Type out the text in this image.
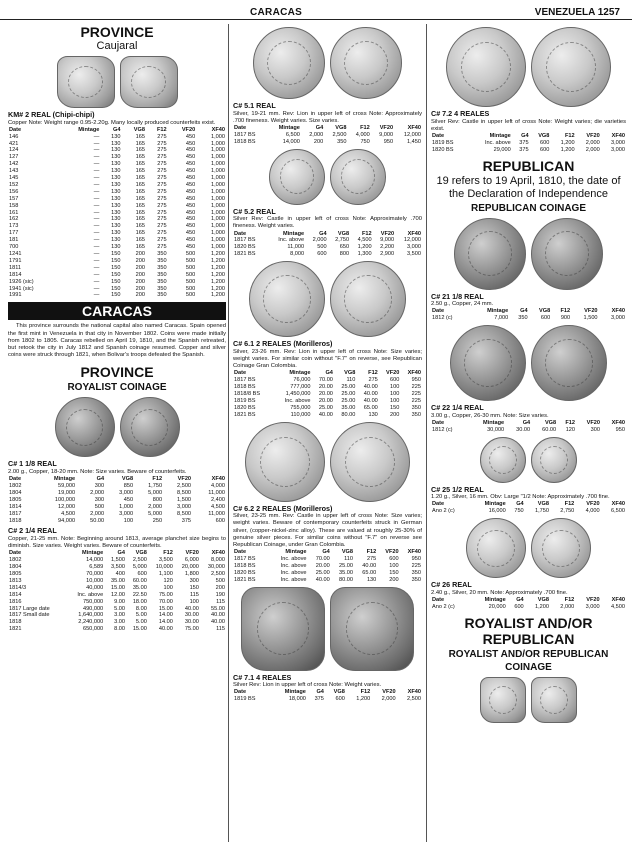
CARACAS	VENEZUELA 1257
PROVINCE
Caujaral
KM# 2 REAL (Chipi-chipi)
Copper Note: Weight range 0.95-2.20g. Many locally produced counterfeits exist.
Date	Mintage	G4	VG8	F12	VF20	XF40
146	—	130	165	275	450	1,000
421	—	130	165	275	450	1,000
124	—	130	165	275	450	1,000
127	—	130	165	275	450	1,000
142	—	130	165	275	450	1,000
143	—	130	165	275	450	1,000
145	—	130	165	275	450	1,000
152	—	130	165	275	450	1,000
156	—	130	165	275	450	1,000
157	—	130	165	275	450	1,000
158	—	130	165	275	450	1,000
161	—	130	165	275	450	1,000
162	—	130	165	275	450	1,000
173	—	130	165	275	450	1,000
177	—	130	165	275	450	1,000
181	—	130	165	275	450	1,000
700	—	130	165	275	450	1,000
1241	—	150	200	350	500	1,200
1791	—	150	200	350	500	1,200
1811	—	150	200	350	500	1,200
1814	—	150	200	350	500	1,200
1926 (sic)	—	150	200	350	500	1,200
1941 (sic)	—	150	200	350	500	1,200
1991	—	150	200	350	500	1,200
CARACAS
This province surrounds the national capital also named Caracas. Spain opened the first mint in Venezuela in that city in November 1802. Coins were made initially from 1802 to 1805. Caracas rebelled on April 19, 1810, and the Spanish retreated, but retook the city in July 1812 and Spanish coinage resumed. Copper and silver coins were struck through 1821, when Bolivar's troops defeated the Spanish.
PROVINCE
ROYALIST COINAGE
C# 1 1/8 REAL
2.00 g., Copper, 18-20 mm. Note: Size varies. Beware of counterfeits.
Date	Mintage	G4	VG8	F12	VF20	XF40
1802	59,000	300	850	1,750	2,500	4,000
1804	19,000	2,000	3,000	5,000	8,500	11,000
1805	100,000	300	450	800	1,500	2,400
1814	12,000	500	1,000	2,000	3,000	4,500
1817	4,500	2,000	3,000	5,000	8,500	11,000
1818	94,000	50.00	100	250	375	600
C# 2 1/4 REAL
Copper, 21-25 mm. Note: Beginning around 1813, average planchet size begins to diminish. Size varies. Weight varies. Beware of counterfeits.
Date	Mintage	G4	VG8	F12	VF20	XF40
1802	14,000	1,500	2,500	3,500	6,000	8,000
1804	6,589	3,500	5,000	10,000	20,000	30,000
1805	70,000	400	600	1,100	1,800	2,500
1813	10,000	35.00	60.00	120	300	500
1814/3	40,000	15.00	35.00	100	150	200
1814	Inc. above	12.00	22.50	75.00	115	190
1816	750,000	9.00	18.00	70.00	100	115
1817 Large date	490,000	5.00	8.00	15.00	40.00	55.00
1817 Small date	1,640,000	3.00	5.00	14.00	30.00	40.00
1818	2,240,000	3.00	5.00	14.00	30.00	40.00
1821	650,000	8.00	15.00	40.00	75.00	115
C# 5.1 REAL
Silver, 19-21 mm. Rev: Lion in upper left of cross Note: Approximately .700 fineness. Weight varies. Size varies.
Date	Mintage	G4	VG8	F12	VF20	XF40
1817 BS	6,500	2,000	2,500	4,000	9,000	12,000
1818 BS	14,000	200	350	750	950	1,450
C# 5.2 REAL
Silver Rev: Castle in upper left of cross Note: Approximately .700 fineness. Weight varies.
Date	Mintage	G4	VG8	F12	VF20	XF40
1817 BS	Inc. above	2,000	2,750	4,500	9,000	12,000
1820 BS	11,000	500	650	1,200	2,200	3,000
1821 BS	8,000	600	800	1,300	2,900	3,500
C# 6.1 2 REALES (Morilleros)
Silver, 23-26 mm. Rev: Lion in upper left of cross Note: Size varies; weight varies. For similar coin without "F.7" on reverse, see Republican Coinage Gran Colombia.
Date	Mintage	G4	VG8	F12	VF20	XF40
1817 BS	76,000	70.00	110	275	600	950
1818 BS	777,000	20.00	25.00	40.00	100	225
1818/8 BS	1,450,000	20.00	25.00	40.00	100	225
1819 BS	Inc. above	20.00	25.00	40.00	100	225
1820 BS	755,000	25.00	35.00	65.00	150	350
1821 BS	110,000	40.00	80.00	130	200	350
C# 6.2 2 REALES (Morilleros)
Silver, 23-25 mm. Rev: Castle in upper left of cross Note: Size varies; weight varies. Beware of contemporary counterfeits struck in German silver, (copper-nickel-zinc alloy). These are valued at roughly 25-30% of genuine silver pieces. For similar coins without "F.7" on reverse see Republican Coinage, under Gran Colombia.
Date	Mintage	G4	VG8	F12	VF20	XF40
1817 BS	Inc. above	70.00	110	275	600	950
1818 BS	Inc. above	20.00	25.00	40.00	100	225
1820 BS	Inc. above	25.00	35.00	65.00	150	350
1821 BS	Inc. above	40.00	80.00	130	200	350
C# 7.1 4 REALES
Silver Rev: Lion in upper left of cross Note: Weight varies.
Date	Mintage	G4	VG8	F12	VF20	XF40
1819 BS	18,000	375	600	1,200	2,000	2,500
C# 7.2 4 REALES
Silver Rev: Castle in upper left of cross Note: Weight varies; die varieties exist.
Date	Mintage	G4	VG8	F12	VF20	XF40
1819 BS	Inc. above	375	600	1,200	2,000	3,000
1820 BS	29,000	375	600	1,200	2,000	3,000
REPUBLICAN
19 refers to 19 April, 1810, the date of the Declaration of Independence
REPUBLICAN COINAGE
C# 21 1/8 REAL
2.50 g., Copper, 24 mm.
Date	Mintage	G4	VG8	F12	VF20	XF40
1812 (c)	7,000	350	600	900	1,500	3,000
C# 22 1/4 REAL
3.00 g., Copper, 26-30 mm. Note: Size varies.
Date	Mintage	G4	VG8	F12	VF20	XF40
1812 (c)	30,000	30.00	60.00	120	300	950
C# 25 1/2 REAL
1.20 g., Silver, 16 mm. Obv: Large "1/2 Note: Approximately .700 fine.
Date	Mintage	G4	VG8	F12	VF20	XF40
Ano 2 (c)	16,000	750	1,750	2,750	4,000	6,500
C# 26 REAL
2.40 g., Silver, 20 mm. Note: Approximately .700 fine.
Date	Mintage	G4	VG8	F12	VF20	XF40
Ano 2 (c)	20,000	600	1,200	2,000	3,000	4,500
ROYALIST AND/OR REPUBLICAN
ROYALIST AND/OR REPUBLICAN COINAGE
